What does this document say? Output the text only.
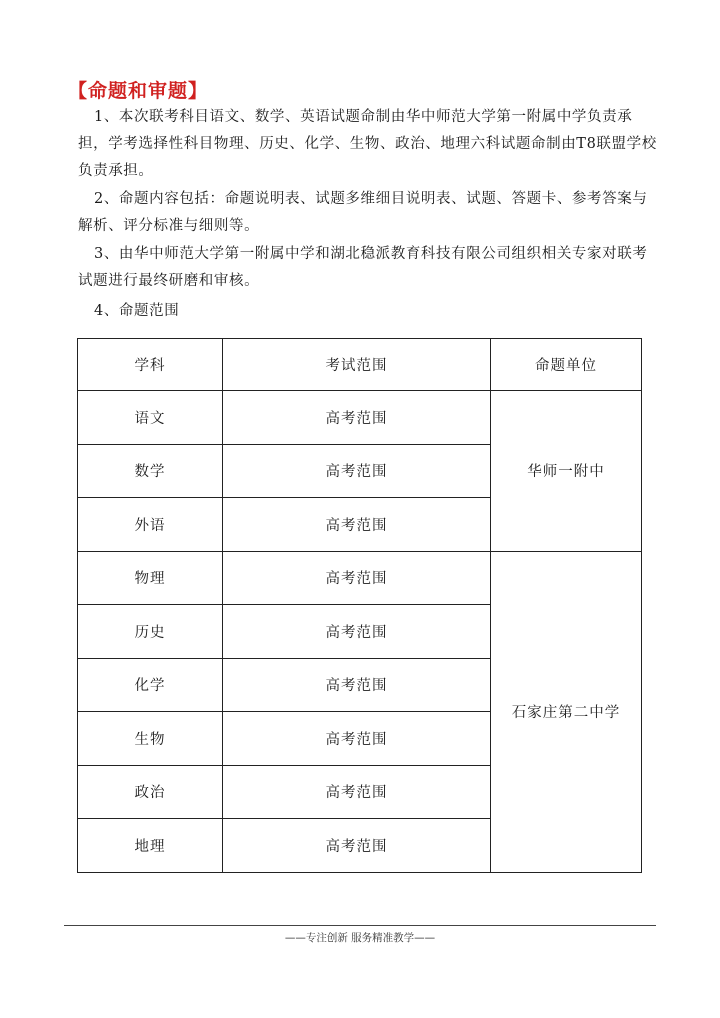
【命题和审题】

1、本次联考科目语文、数学、英语试题命制由华中师范大学第一附属中学负责承担，学考选择性科目物理、历史、化学、生物、政治、地理六科试题命制由T8联盟学校负责承担。

2、命题内容包括：命题说明表、试题多维细目说明表、试题、答题卡、参考答案与解析、评分标准与细则等。

3、由华中师范大学第一附属中学和湖北稳派教育科技有限公司组织相关专家对联考试题进行最终研磨和审核。

4、命题范围

学科	考试范围	命题单位
语文	高考范围	华师一附中
数学	高考范围	
外语	高考范围	
物理	高考范围	石家庄第二中学
历史	高考范围	
化学	高考范围	
生物	高考范围	
政治	高考范围	
地理	高考范围	
——专注创新 服务精准教学——
